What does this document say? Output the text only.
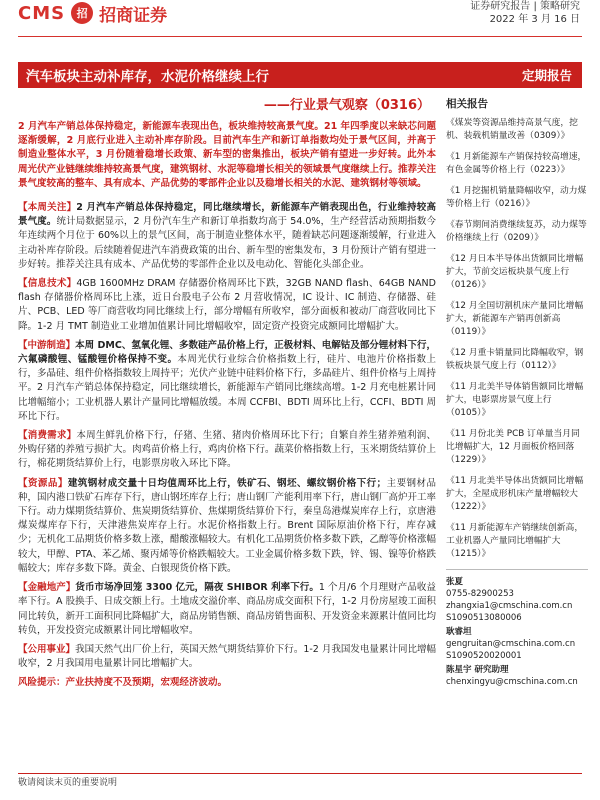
CMS	招 招商证券	证券研究报告 | 策略研究
2022 年 3 月 16 日
汽车板块主动补库存，水泥价格继续上行	定期报告
——行业景气观察（0316）

2 月汽车产销总体保持稳定，新能源车表现出色，板块维持较高景气度。21 年四季度以来缺芯问题逐渐缓解，2 月底行业进入主动补库存阶段。目前汽车生产和新订单指数均处于景气区间，并高于制造业整体水平，3 月份随着稳增长政策、新车型的密集推出，板块产销有望进一步好转。此外本周光伏产业链继续维持较高景气度，建筑钢材、水泥等稳增长相关的领域景气度继续上行。推荐关注景气度较高的整车、具有成本、产品优势的零部件企业以及稳增长相关的水泥、建筑钢材等领域。

【本周关注】2 月汽车产销总体保持稳定，同比继续增长，新能源车产销表现出色，行业维持较高景气度。统计局数据显示，2 月份汽车生产和新订单指数均高于 54.0%，生产经营活动预期指数今年连续两个月位于 60%以上的景气区间，高于制造业整体水平，随着缺芯问题逐渐缓解，行业进入主动补库存阶段。后续随着促进汽车消费政策的出台、新车型的密集发布，3 月份预计产销有望进一步好转。推荐关注具有成本、产品优势的零部件企业以及电动化、智能化头部企业。

【信息技术】4GB 1600MHz DRAM 存储器价格周环比下跌，32GB NAND flash、64GB NAND flash 存储器价格周环比上涨，近日台股电子公布 2 月营收情况，IC 设计、IC 制造、存储器、硅片、PCB、LED 等厂商营收均同比继续上行，部分增幅有所收窄，部分面板和被动厂商营收同比下降。1-2 月 TMT 制造业工业增加值累计同比增幅收窄，固定资产投资完成额同比增幅扩大。

【中游制造】本周 DMC、氢氧化锂、多数硅产品价格上行，正极材料、电解钴及部分锂材料下行，六氟磷酸锂、锰酸锂价格保持不变。本周光伏行业综合价格指数上行，硅片、电池片价格指数上行，多晶硅、组件价格指数较上周持平；光伏产业链中硅料价格下行，多晶硅片、组件价格与上周持平。2 月汽车产销总体保持稳定，同比继续增长，新能源车产销同比继续高增。1-2 月充电桩累计同比增幅缩小；工业机器人累计产量同比增幅放缓。本周 CCFBI、BDTI 周环比上行，CCFI、BDTI 周环比下行。

【消费需求】本周生鲜乳价格下行，仔猪、生猪、猪肉价格周环比下行；自繁自养生猪养殖利润、外购仔猪的养殖亏损扩大。肉鸡苗价格上行，鸡肉价格下行。蔬菜价格指数上行，玉米期货结算价上行，棉花期货结算价上行，电影票房收入环比下降。

【资源品】建筑钢材成交量十日均值周环比上行，铁矿石、钢坯、螺纹钢价格下行；主要钢材品种，国内港口铁矿石库存下行，唐山钢坯库存上行；唐山钢厂产能利用率下行，唐山钢厂高炉开工率下行。动力煤期货结算价、焦炭期货结算价、焦煤期货结算价下行，秦皇岛港煤炭库存上行，京唐港煤炭煤库存下行，天津港焦炭库存上行。水泥价格指数上行。Brent 国际原油价格下行，库存减少；无机化工品期货价格多数上涨，醋酸涨幅较大。有机化工品期货价格多数下跌，乙醇等价格涨幅较大，甲醇、PTA、苯乙烯、聚丙烯等价格跌幅较大。工业金属价格多数下跌，锌、锡、镍等价格跌幅较大；库存多数下降。黄金、白银现货价格下跌。

【金融地产】货币市场净回笼 3300 亿元，隔夜 SHIBOR 利率下行。1 个月/6 个月理财产品收益率下行。A 股换手、日成交额上行。土地成交溢价率、商品房成交面积下行，1-2 月份房屋竣工面积同比转负，新开工面积同比降幅扩大，商品房销售额、商品房销售面积、开发资金来源累计值同比均转负，开发投资完成额累计同比增幅收窄。

【公用事业】我国天然气出厂价上行，英国天然气期货结算价下行。1-2 月我国发电量累计同比增幅收窄，2 月我国用电量累计同比增幅扩大。

风险提示：产业扶持度不及预期，宏观经济波动。

相关报告
《煤炭等资源品维持高景气度，挖机、装载机销量改善（0309）》
《1 月新能源车产销保持较高增速，有色金属等价格上行（0223）》
《1 月挖掘机销量降幅收窄，动力煤等价格上行（0216）》
《春节期间消费继续复苏，动力煤等价格继续上行（0209）》
《12 月日本半导体出货额同比增幅扩大，节前交运板块景气度上行（0126）》
《12 月全国切割机床产量同比增幅扩大，新能源车产销再创新高（0119）》
《12 月重卡销量同比降幅收窄，钢铁板块景气度上行（0112）》
《11 月北美半导体销售额同比增幅扩大，电影票房景气度上行（0105）》
《11 月份北美 PCB 订单量当月同比增幅扩大，12 月面板价格回落（1229）》
《11 月北美半导体出货额同比增幅扩大，全屋成形机床产量增幅较大（1222）》
《11 月新能源车产销继续创新高，工业机器人产量同比增幅扩大（1215）》
张夏
0755-82900253
zhangxia1@cmschina.com.cn
S1090513080006
耿睿坦
gengruitan@cmschina.com.cn
S1090520020001
陈星宇 研究助理
chenxingyu@cmschina.com.cn
敬请阅读末页的重要说明
